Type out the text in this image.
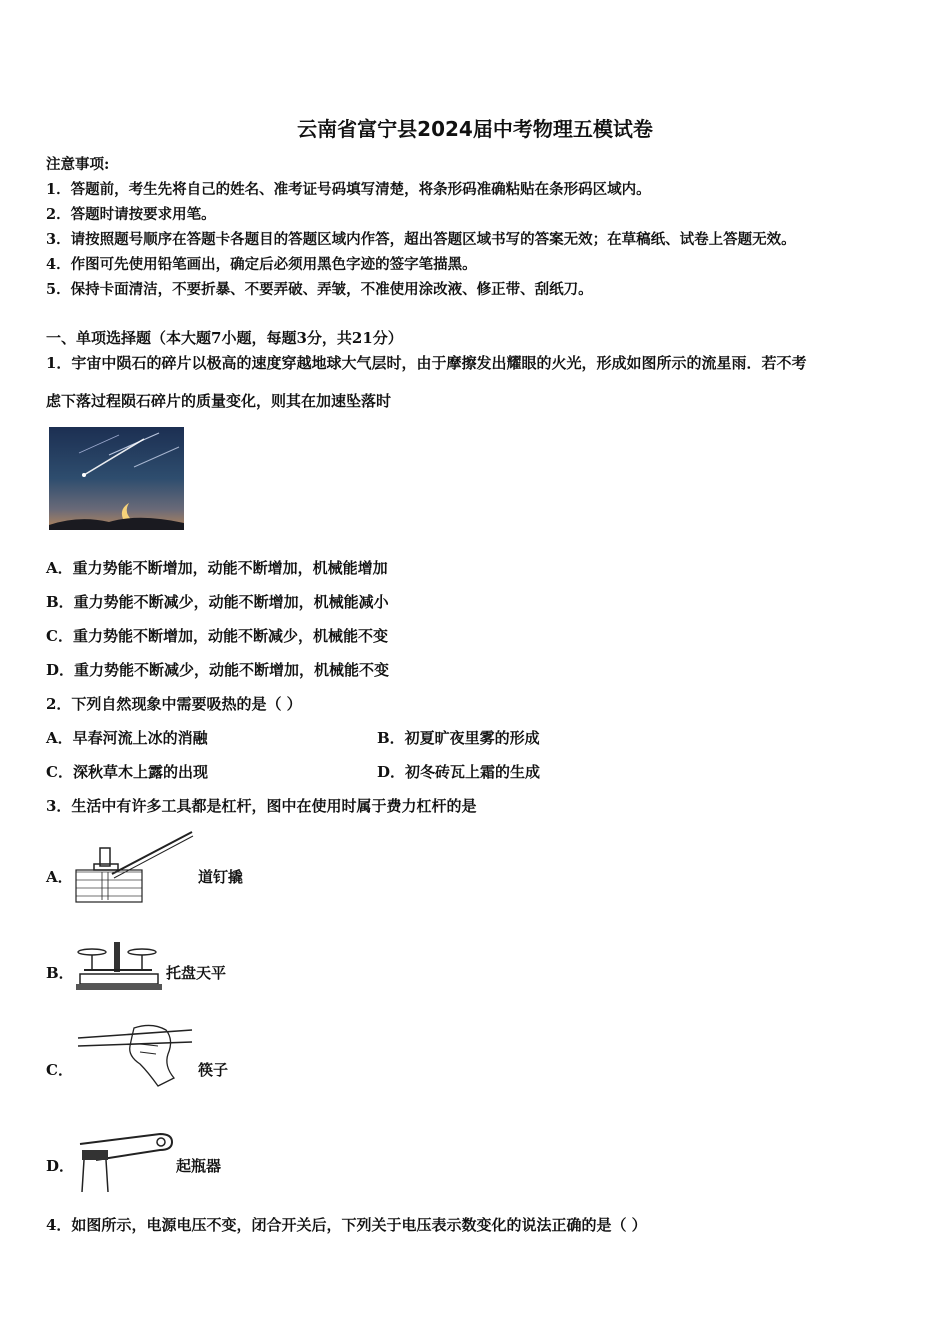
云南省富宁县2024届中考物理五模试卷
注意事项:
1．答题前，考生先将自己的姓名、准考证号码填写清楚，将条形码准确粘贴在条形码区域内。
2．答题时请按要求用笔。
3．请按照题号顺序在答题卡各题目的答题区域内作答，超出答题区域书写的答案无效；在草稿纸、试卷上答题无效。
4．作图可先使用铅笔画出，确定后必须用黑色字迹的签字笔描黑。
5．保持卡面清洁，不要折暴、不要弄破、弄皱，不准使用涂改液、修正带、刮纸刀。
一、单项选择题（本大题7小题，每题3分，共21分）
1．宇宙中陨石的碎片以极高的速度穿越地球大气层时，由于摩擦发出耀眼的火光，形成如图所示的流星雨．若不考
虑下落过程陨石碎片的质量变化，则其在加速坠落时
A．重力势能不断增加，动能不断增加，机械能增加
B．重力势能不断减少，动能不断增加，机械能减小
C．重力势能不断增加，动能不断减少，机械能不变
D．重力势能不断减少，动能不断增加，机械能不变
2．下列自然现象中需要吸热的是（ ）
A．早春河流上冰的消融	B．初夏旷夜里雾的形成
C．深秋草木上露的出现	D．初冬砖瓦上霜的生成
3．生活中有许多工具都是杠杆，图中在使用时属于费力杠杆的是
A．	道钉撬
B．	托盘天平
C．	筷子
D．	起瓶器
4．如图所示，电源电压不变，闭合开关后，下列关于电压表示数变化的说法正确的是（ ）
